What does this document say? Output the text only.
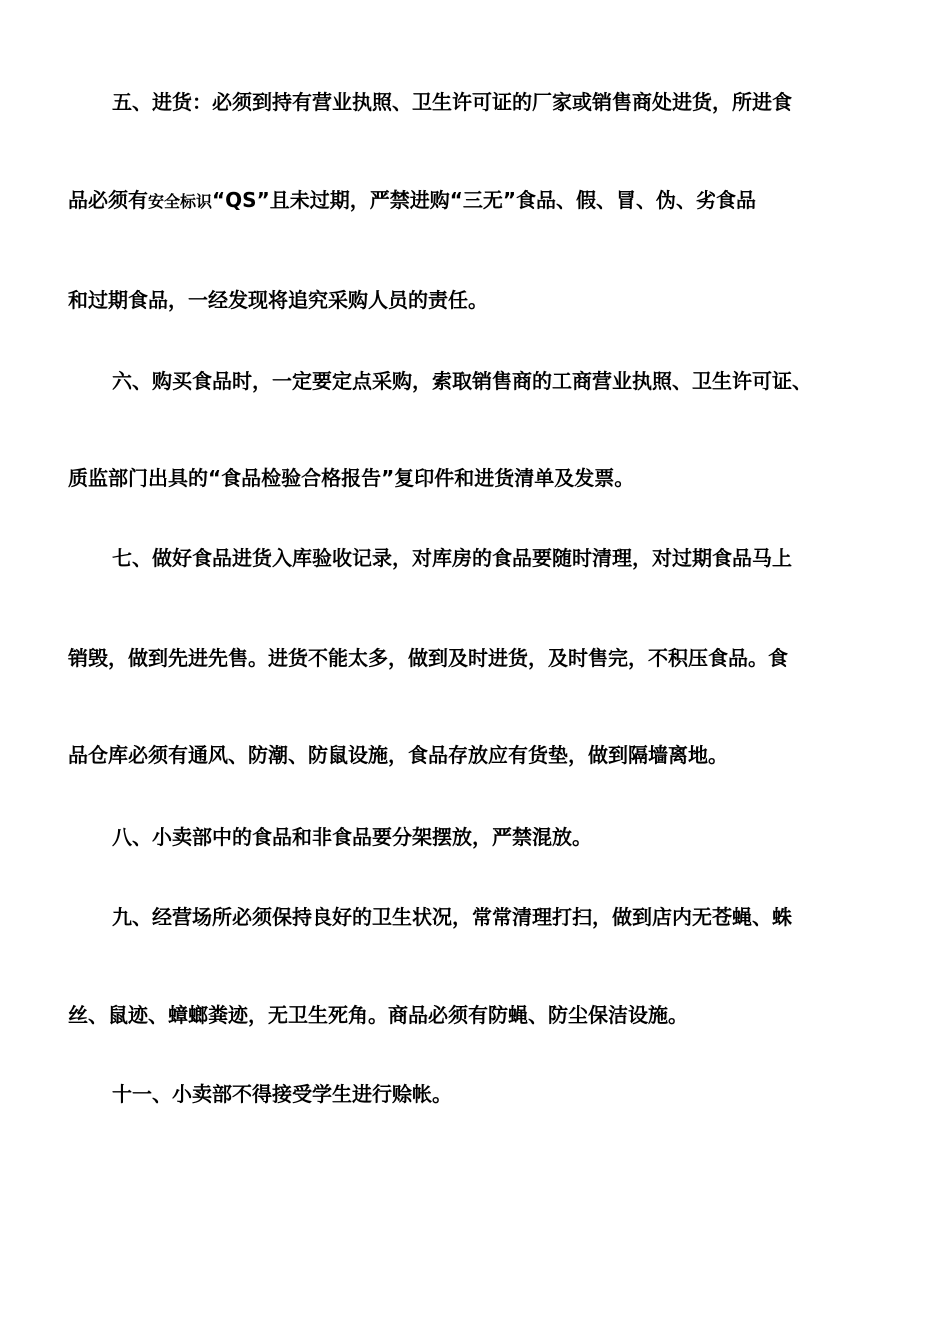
五、进货：必须到持有营业执照、卫生许可证的厂家或销售商处进货，所进食
品必须有安全标识“QS”且未过期，严禁进购“三无”食品、假、冒、伪、劣食品
和过期食品，一经发现将追究采购人员的责任。
六、购买食品时，一定要定点采购，索取销售商的工商营业执照、卫生许可证、
质监部门出具的“食品检验合格报告”复印件和进货清单及发票。
七、做好食品进货入库验收记录，对库房的食品要随时清理，对过期食品马上
销毁，做到先进先售。进货不能太多，做到及时进货，及时售完，不积压食品。食
品仓库必须有通风、防潮、防鼠设施，食品存放应有货垫，做到隔墙离地。
八、小卖部中的食品和非食品要分架摆放，严禁混放。
九、经营场所必须保持良好的卫生状况，常常清理打扫，做到店内无苍蝇、蛛
丝、鼠迹、蟑螂粪迹，无卫生死角。商品必须有防蝇、防尘保洁设施。
十一、小卖部不得接受学生进行赊帐。
